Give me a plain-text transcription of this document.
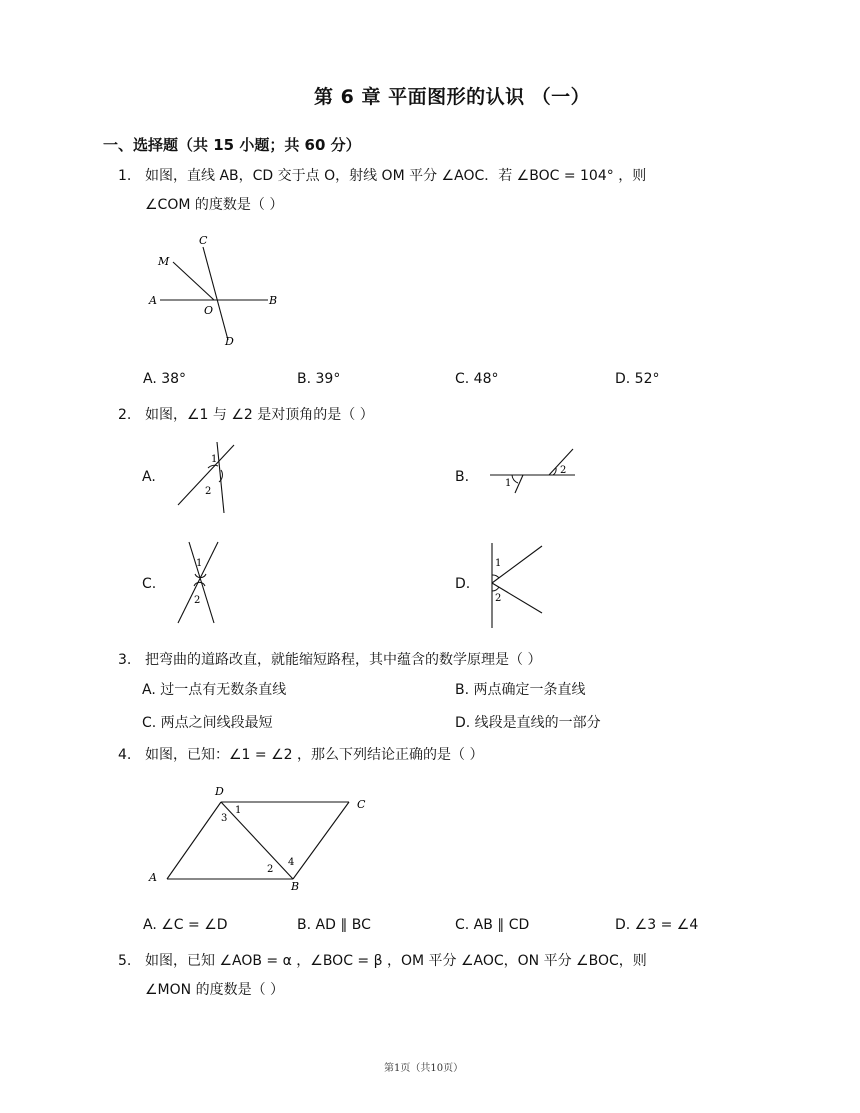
第 6 章 平面图形的认识 （一）
一、选择题（共 15 小题；共 60 分）
1. 如图，直线 AB，CD 交于点 O，射线 OM 平分 ∠AOC．若 ∠BOC = 104° ，则
∠COM 的度数是（ ）
M
C
A
O
B
D
A. 38°	B. 39°	C. 48°	D. 52°
2. 如图，∠1 与 ∠2 是对顶角的是（ ）
A.
1
2
B.	1
2
C.
1
2
D.
1
2
3. 把弯曲的道路改直，就能缩短路程，其中蕴含的数学原理是（ ）
A. 过一点有无数条直线	B. 两点确定一条直线
C. 两点之间线段最短	D. 线段是直线的一部分
4. 如图，已知：∠1 = ∠2 ，那么下列结论正确的是（ ）
D
C
A
B
1
3
2
4
A. ∠C = ∠D	B. AD ∥ BC	C. AB ∥ CD	D. ∠3 = ∠4
5. 如图，已知 ∠AOB = α ，∠BOC = β ，OM 平分 ∠AOC，ON 平分 ∠BOC，则
∠MON 的度数是（ ）
第1页（共10页）
